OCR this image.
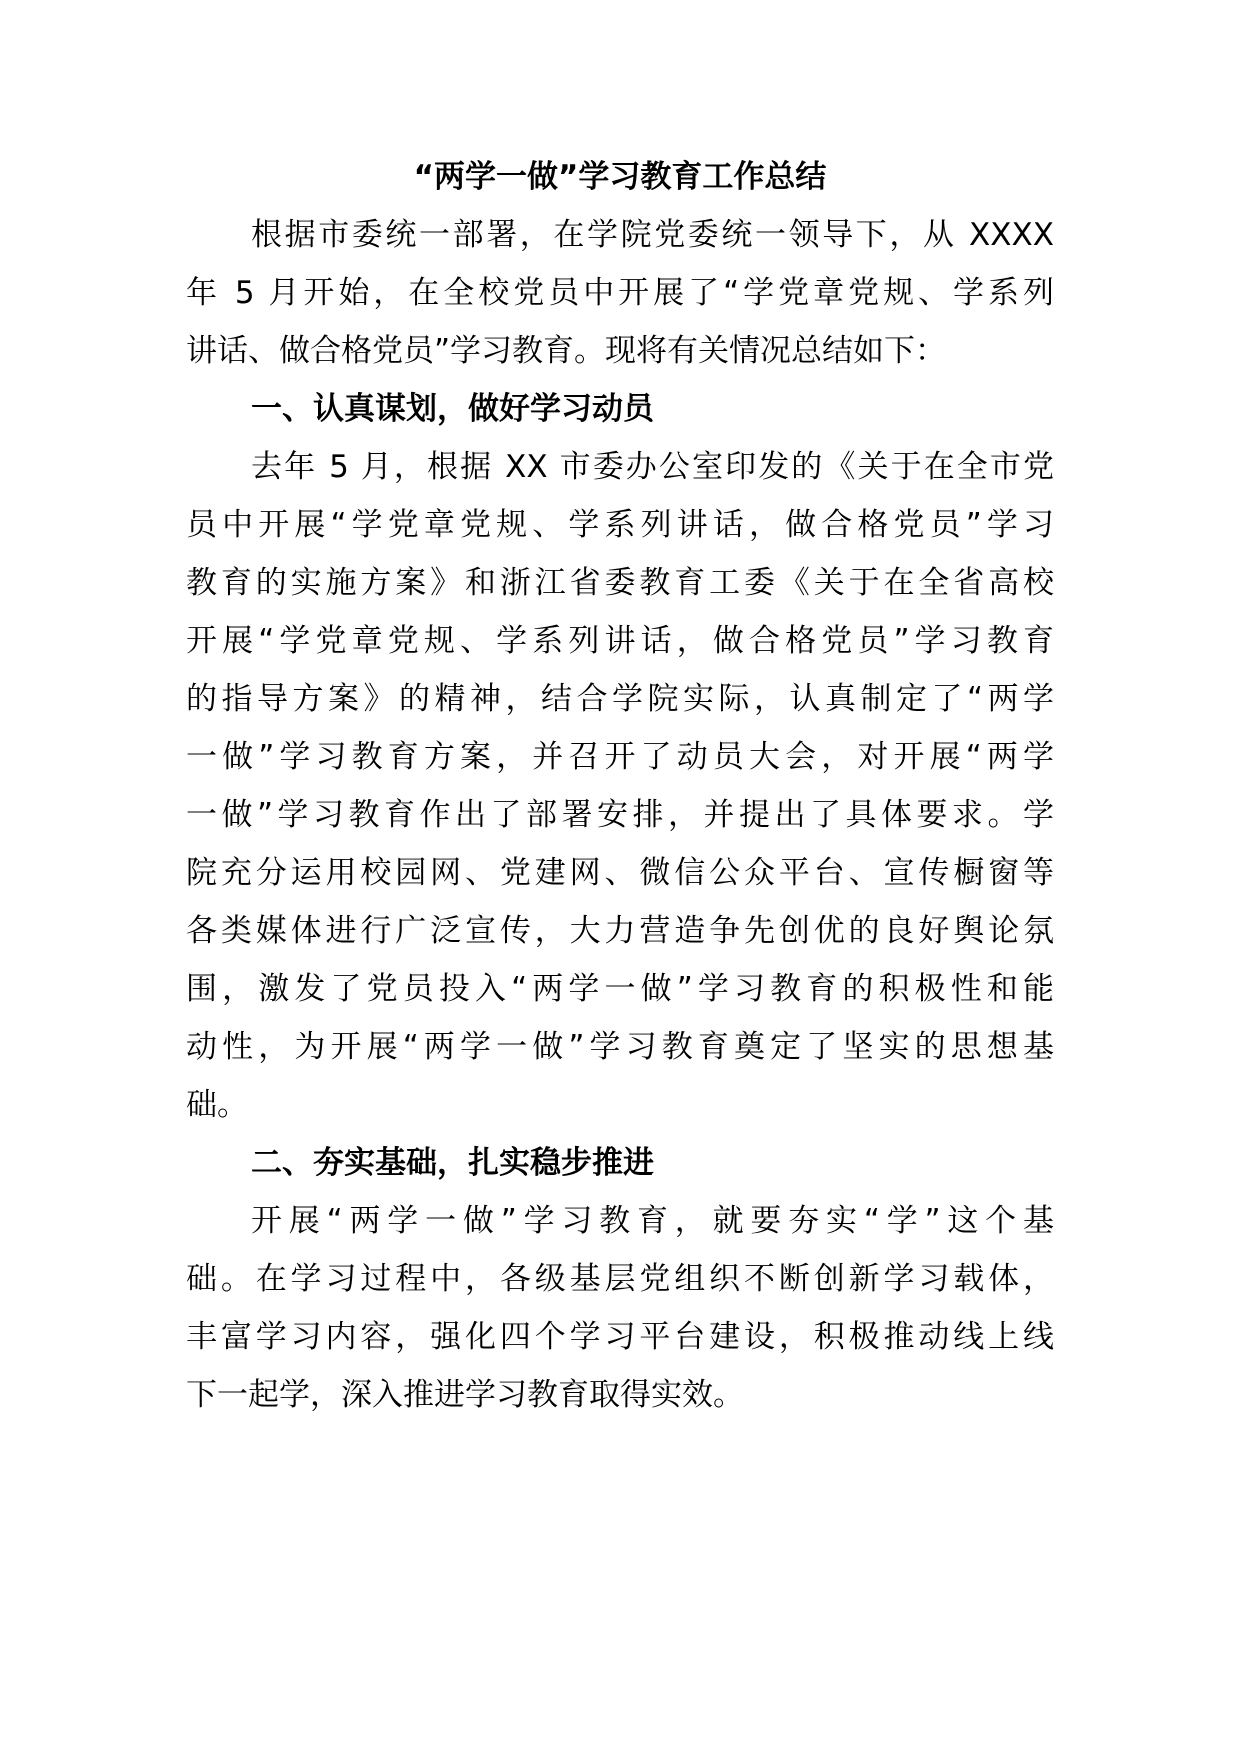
“两学一做”学习教育工作总结
根据市委统一部署，在学院党委统一领导下，从 XXXX
年 5 月开始，在全校党员中开展了“学党章党规、学系列
讲话、做合格党员”学习教育。现将有关情况总结如下：
一、认真谋划，做好学习动员
去年 5 月，根据 XX 市委办公室印发的《关于在全市党
员中开展“学党章党规、学系列讲话，做合格党员”学习
教育的实施方案》和浙江省委教育工委《关于在全省高校
开展“学党章党规、学系列讲话，做合格党员”学习教育
的指导方案》的精神，结合学院实际，认真制定了“两学
一做”学习教育方案，并召开了动员大会，对开展“两学
一做”学习教育作出了部署安排，并提出了具体要求。学
院充分运用校园网、党建网、微信公众平台、宣传橱窗等
各类媒体进行广泛宣传，大力营造争先创优的良好舆论氛
围，激发了党员投入“两学一做”学习教育的积极性和能
动性，为开展“两学一做”学习教育奠定了坚实的思想基
础。
二、夯实基础，扎实稳步推进
开展“两学一做”学习教育，就要夯实“学”这个基
础。在学习过程中，各级基层党组织不断创新学习载体，
丰富学习内容，强化四个学习平台建设，积极推动线上线
下一起学，深入推进学习教育取得实效。
